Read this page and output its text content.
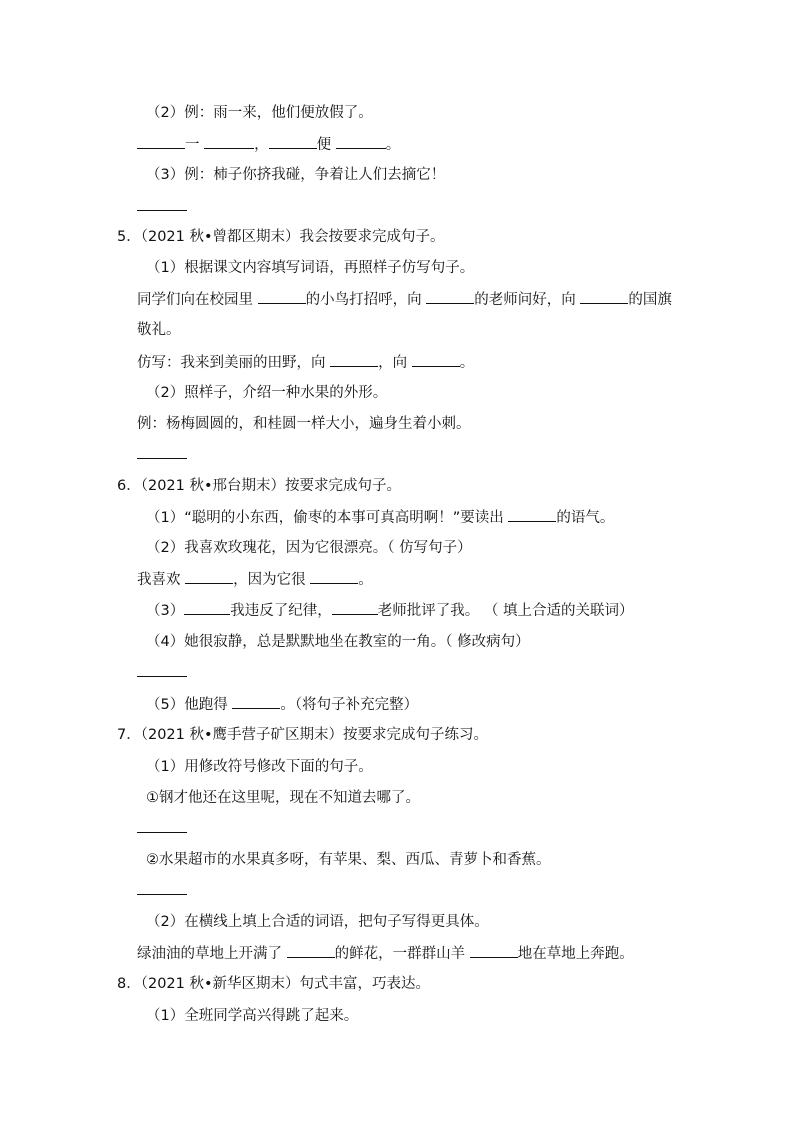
（2）例：雨一来，他们便放假了。
一	，	便	。
（3）例：柿子你挤我碰，争着让人们去摘它！
5．（2021 秋•曾都区期末）我会按要求完成句子。
（1）根据课文内容填写词语，再照样子仿写句子。
同学们向在校园里	的小鸟打招呼，向	的老师问好，向	的国旗
敬礼。
仿写：我来到美丽的田野，向	，向	。
（2）照样子，介绍一种水果的外形。
例：杨梅圆圆的，和桂圆一样大小，遍身生着小刺。
6．（2021 秋•邢台期末）按要求完成句子。
（1）“聪明的小东西，偷枣的本事可真高明啊！”要读出	的语气。
（2）我喜欢玫瑰花，因为它很漂亮。（ 仿写句子）
我喜欢	，因为它很	。
（3）	我违反了纪律，	老师批评了我。 （ 填上合适的关联词）
（4）她很寂静，总是默默地坐在教室的一角。（ 修改病句）
（5）他跑得	。（将句子补充完整）
7．（2021 秋•鹰手营子矿区期末）按要求完成句子练习。
（1）用修改符号修改下面的句子。
①钢才他还在这里呢，现在不知道去哪了。
②水果超市的水果真多呀，有苹果、梨、西瓜、青萝卜和香蕉。
（2）在横线上填上合适的词语，把句子写得更具体。
绿油油的草地上开满了	的鲜花，一群群山羊	地在草地上奔跑。
8．（2021 秋•新华区期末）句式丰富，巧表达。
（1）全班同学高兴得跳了起来。
